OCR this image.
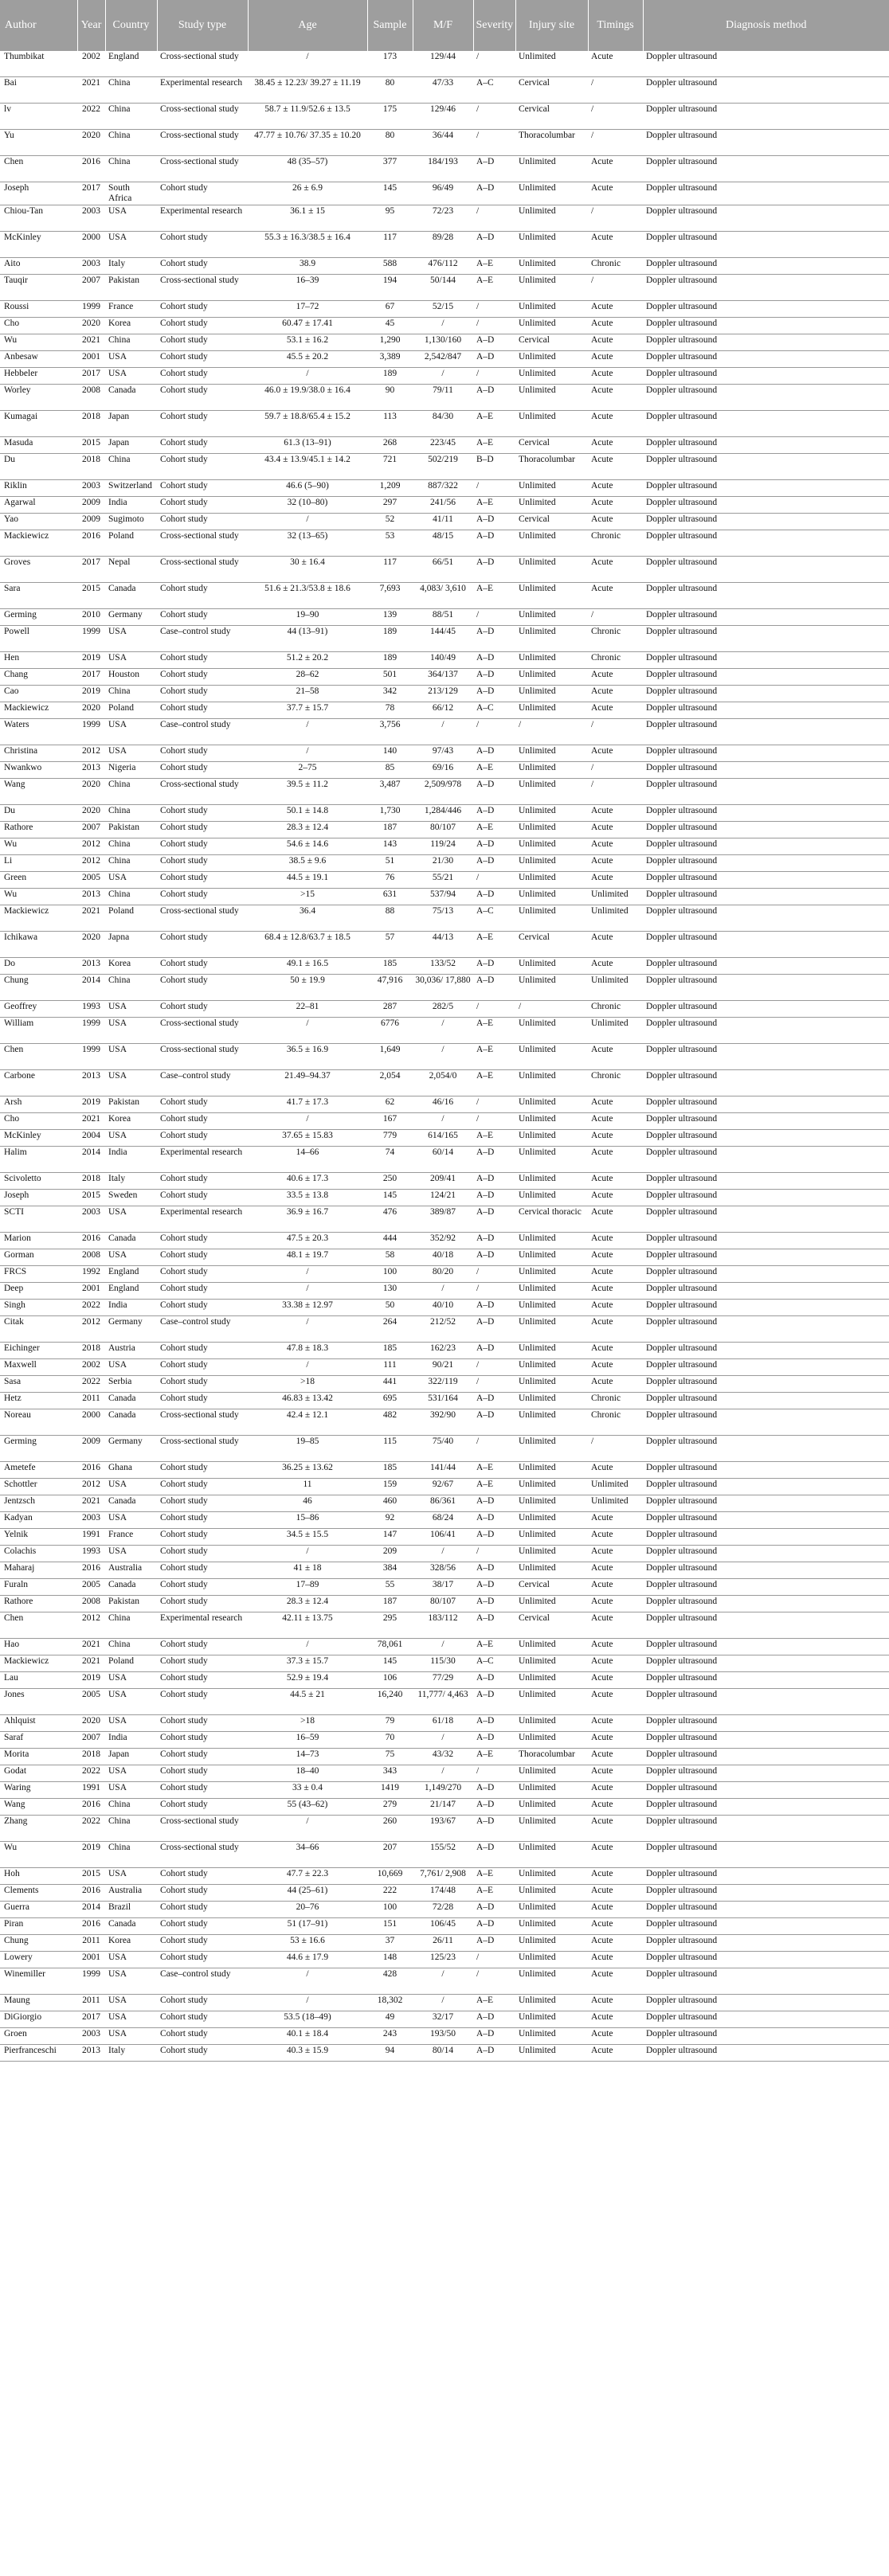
Author	Year	Country	Study type	Age	Sample	M/F	Severity	Injury site	Timings	Diagnosis method
Thumbikat	2002	England	Cross-sectional study	/	173	129/44	/	Unlimited	Acute	Doppler ultrasound
Bai	2021	China	Experimental research	38.45 ± 12.23/ 39.27 ± 11.19	80	47/33	A–C	Cervical	/	Doppler ultrasound
lv	2022	China	Cross-sectional study	58.7 ± 11.9/52.6 ± 13.5	175	129/46	/	Cervical	/	Doppler ultrasound
Yu	2020	China	Cross-sectional study	47.77 ± 10.76/ 37.35 ± 10.20	80	36/44	/	Thoracolumbar	/	Doppler ultrasound
Chen	2016	China	Cross-sectional study	48 (35–57)	377	184/193	A–D	Unlimited	Acute	Doppler ultrasound
Joseph	2017	South Africa	Cohort study	26 ± 6.9	145	96/49	A–D	Unlimited	Acute	Doppler ultrasound
Chiou-Tan	2003	USA	Experimental research	36.1 ± 15	95	72/23	/	Unlimited	/	Doppler ultrasound
McKinley	2000	USA	Cohort study	55.3 ± 16.3/38.5 ± 16.4	117	89/28	A–D	Unlimited	Acute	Doppler ultrasound
Aito	2003	Italy	Cohort study	38.9	588	476/112	A–E	Unlimited	Chronic	Doppler ultrasound
Tauqir	2007	Pakistan	Cross-sectional study	16–39	194	50/144	A–E	Unlimited	/	Doppler ultrasound
Roussi	1999	France	Cohort study	17–72	67	52/15	/	Unlimited	Acute	Doppler ultrasound
Cho	2020	Korea	Cohort study	60.47 ± 17.41	45	/	/	Unlimited	Acute	Doppler ultrasound
Wu	2021	China	Cohort study	53.1 ± 16.2	1,290	1,130/160	A–D	Cervical	Acute	Doppler ultrasound
Anbesaw	2001	USA	Cohort study	45.5 ± 20.2	3,389	2,542/847	A–D	Unlimited	Acute	Doppler ultrasound
Hebbeler	2017	USA	Cohort study	/	189	/	/	Unlimited	Acute	Doppler ultrasound
Worley	2008	Canada	Cohort study	46.0 ± 19.9/38.0 ± 16.4	90	79/11	A–D	Unlimited	Acute	Doppler ultrasound
Kumagai	2018	Japan	Cohort study	59.7 ± 18.8/65.4 ± 15.2	113	84/30	A–E	Unlimited	Acute	Doppler ultrasound
Masuda	2015	Japan	Cohort study	61.3 (13–91)	268	223/45	A–E	Cervical	Acute	Doppler ultrasound
Du	2018	China	Cohort study	43.4 ± 13.9/45.1 ± 14.2	721	502/219	B–D	Thoracolumbar	Acute	Doppler ultrasound
Riklin	2003	Switzerland	Cohort study	46.6 (5–90)	1,209	887/322	/	Unlimited	Acute	Doppler ultrasound
Agarwal	2009	India	Cohort study	32 (10–80)	297	241/56	A–E	Unlimited	Acute	Doppler ultrasound
Yao	2009	Sugimoto	Cohort study	/	52	41/11	A–D	Cervical	Acute	Doppler ultrasound
Mackiewicz	2016	Poland	Cross-sectional study	32 (13–65)	53	48/15	A–D	Unlimited	Chronic	Doppler ultrasound
Groves	2017	Nepal	Cross-sectional study	30 ± 16.4	117	66/51	A–D	Unlimited	Acute	Doppler ultrasound
Sara	2015	Canada	Cohort study	51.6 ± 21.3/53.8 ± 18.6	7,693	4,083/ 3,610	A–E	Unlimited	Acute	Doppler ultrasound
Germing	2010	Germany	Cohort study	19–90	139	88/51	/	Unlimited	/	Doppler ultrasound
Powell	1999	USA	Case–control study	44 (13–91)	189	144/45	A–D	Unlimited	Chronic	Doppler ultrasound
Hen	2019	USA	Cohort study	51.2 ± 20.2	189	140/49	A–D	Unlimited	Chronic	Doppler ultrasound
Chang	2017	Houston	Cohort study	28–62	501	364/137	A–D	Unlimited	Acute	Doppler ultrasound
Cao	2019	China	Cohort study	21–58	342	213/129	A–D	Unlimited	Acute	Doppler ultrasound
Mackiewicz	2020	Poland	Cohort study	37.7 ± 15.7	78	66/12	A–C	Unlimited	Acute	Doppler ultrasound
Waters	1999	USA	Case–control study	/	3,756	/	/	/	/	Doppler ultrasound
Christina	2012	USA	Cohort study	/	140	97/43	A–D	Unlimited	Acute	Doppler ultrasound
Nwankwo	2013	Nigeria	Cohort study	2–75	85	69/16	A–E	Unlimited	/	Doppler ultrasound
Wang	2020	China	Cross-sectional study	39.5 ± 11.2	3,487	2,509/978	A–D	Unlimited	/	Doppler ultrasound
Du	2020	China	Cohort study	50.1 ± 14.8	1,730	1,284/446	A–D	Unlimited	Acute	Doppler ultrasound
Rathore	2007	Pakistan	Cohort study	28.3 ± 12.4	187	80/107	A–E	Unlimited	Acute	Doppler ultrasound
Wu	2012	China	Cohort study	54.6 ± 14.6	143	119/24	A–D	Unlimited	Acute	Doppler ultrasound
Li	2012	China	Cohort study	38.5 ± 9.6	51	21/30	A–D	Unlimited	Acute	Doppler ultrasound
Green	2005	USA	Cohort study	44.5 ± 19.1	76	55/21	/	Unlimited	Acute	Doppler ultrasound
Wu	2013	China	Cohort study	>15	631	537/94	A–D	Unlimited	Unlimited	Doppler ultrasound
Mackiewicz	2021	Poland	Cross-sectional study	36.4	88	75/13	A–C	Unlimited	Unlimited	Doppler ultrasound
Ichikawa	2020	Japna	Cohort study	68.4 ± 12.8/63.7 ± 18.5	57	44/13	A–E	Cervical	Acute	Doppler ultrasound
Do	2013	Korea	Cohort study	49.1 ± 16.5	185	133/52	A–D	Unlimited	Acute	Doppler ultrasound
Chung	2014	China	Cohort study	50 ± 19.9	47,916	30,036/ 17,880	A–D	Unlimited	Unlimited	Doppler ultrasound
Geoffrey	1993	USA	Cohort study	22–81	287	282/5	/	/	Chronic	Doppler ultrasound
William	1999	USA	Cross-sectional study	/	6776	/	A–E	Unlimited	Unlimited	Doppler ultrasound
Chen	1999	USA	Cross-sectional study	36.5 ± 16.9	1,649	/	A–E	Unlimited	Acute	Doppler ultrasound
Carbone	2013	USA	Case–control study	21.49–94.37	2,054	2,054/0	A–E	Unlimited	Chronic	Doppler ultrasound
Arsh	2019	Pakistan	Cohort study	41.7 ± 17.3	62	46/16	/	Unlimited	Acute	Doppler ultrasound
Cho	2021	Korea	Cohort study	/	167	/	/	Unlimited	Acute	Doppler ultrasound
McKinley	2004	USA	Cohort study	37.65 ± 15.83	779	614/165	A–E	Unlimited	Acute	Doppler ultrasound
Halim	2014	India	Experimental research	14–66	74	60/14	A–D	Unlimited	Acute	Doppler ultrasound
Scivoletto	2018	Italy	Cohort study	40.6 ± 17.3	250	209/41	A–D	Unlimited	Acute	Doppler ultrasound
Joseph	2015	Sweden	Cohort study	33.5 ± 13.8	145	124/21	A–D	Unlimited	Acute	Doppler ultrasound
SCTI	2003	USA	Experimental research	36.9 ± 16.7	476	389/87	A–D	Cervical thoracic	Acute	Doppler ultrasound
Marion	2016	Canada	Cohort study	47.5 ± 20.3	444	352/92	A–D	Unlimited	Acute	Doppler ultrasound
Gorman	2008	USA	Cohort study	48.1 ± 19.7	58	40/18	A–D	Unlimited	Acute	Doppler ultrasound
FRCS	1992	England	Cohort study	/	100	80/20	/	Unlimited	Acute	Doppler ultrasound
Deep	2001	England	Cohort study	/	130	/	/	Unlimited	Acute	Doppler ultrasound
Singh	2022	India	Cohort study	33.38 ± 12.97	50	40/10	A–D	Unlimited	Acute	Doppler ultrasound
Citak	2012	Germany	Case–control study	/	264	212/52	A–D	Unlimited	Acute	Doppler ultrasound
Eichinger	2018	Austria	Cohort study	47.8 ± 18.3	185	162/23	A–D	Unlimited	Acute	Doppler ultrasound
Maxwell	2002	USA	Cohort study	/	111	90/21	/	Unlimited	Acute	Doppler ultrasound
Sasa	2022	Serbia	Cohort study	>18	441	322/119	/	Unlimited	Acute	Doppler ultrasound
Hetz	2011	Canada	Cohort study	46.83 ± 13.42	695	531/164	A–D	Unlimited	Chronic	Doppler ultrasound
Noreau	2000	Canada	Cross-sectional study	42.4 ± 12.1	482	392/90	A–D	Unlimited	Chronic	Doppler ultrasound
Germing	2009	Germany	Cross-sectional study	19–85	115	75/40	/	Unlimited	/	Doppler ultrasound
Ametefe	2016	Ghana	Cohort study	36.25 ± 13.62	185	141/44	A–E	Unlimited	Acute	Doppler ultrasound
Schottler	2012	USA	Cohort study	11	159	92/67	A–E	Unlimited	Unlimited	Doppler ultrasound
Jentzsch	2021	Canada	Cohort study	46	460	86/361	A–D	Unlimited	Unlimited	Doppler ultrasound
Kadyan	2003	USA	Cohort study	15–86	92	68/24	A–D	Unlimited	Acute	Doppler ultrasound
Yelnik	1991	France	Cohort study	34.5 ± 15.5	147	106/41	A–D	Unlimited	Acute	Doppler ultrasound
Colachis	1993	USA	Cohort study	/	209	/	/	Unlimited	Acute	Doppler ultrasound
Maharaj	2016	Australia	Cohort study	41 ± 18	384	328/56	A–D	Unlimited	Acute	Doppler ultrasound
Furaln	2005	Canada	Cohort study	17–89	55	38/17	A–D	Cervical	Acute	Doppler ultrasound
Rathore	2008	Pakistan	Cohort study	28.3 ± 12.4	187	80/107	A–D	Unlimited	Acute	Doppler ultrasound
Chen	2012	China	Experimental research	42.11 ± 13.75	295	183/112	A–D	Cervical	Acute	Doppler ultrasound
Hao	2021	China	Cohort study	/	78,061	/	A–E	Unlimited	Acute	Doppler ultrasound
Mackiewicz	2021	Poland	Cohort study	37.3 ± 15.7	145	115/30	A–C	Unlimited	Acute	Doppler ultrasound
Lau	2019	USA	Cohort study	52.9 ± 19.4	106	77/29	A–D	Unlimited	Acute	Doppler ultrasound
Jones	2005	USA	Cohort study	44.5 ± 21	16,240	11,777/ 4,463	A–D	Unlimited	Acute	Doppler ultrasound
Ahlquist	2020	USA	Cohort study	>18	79	61/18	A–D	Unlimited	Acute	Doppler ultrasound
Saraf	2007	India	Cohort study	16–59	70	/	A–D	Unlimited	Acute	Doppler ultrasound
Morita	2018	Japan	Cohort study	14–73	75	43/32	A–E	Thoracolumbar	Acute	Doppler ultrasound
Godat	2022	USA	Cohort study	18–40	343	/	/	Unlimited	Acute	Doppler ultrasound
Waring	1991	USA	Cohort study	33 ± 0.4	1419	1,149/270	A–D	Unlimited	Acute	Doppler ultrasound
Wang	2016	China	Cohort study	55 (43–62)	279	21/147	A–D	Unlimited	Acute	Doppler ultrasound
Zhang	2022	China	Cross-sectional study	/	260	193/67	A–D	Unlimited	Acute	Doppler ultrasound
Wu	2019	China	Cross-sectional study	34–66	207	155/52	A–D	Unlimited	Acute	Doppler ultrasound
Hoh	2015	USA	Cohort study	47.7 ± 22.3	10,669	7,761/ 2,908	A–E	Unlimited	Acute	Doppler ultrasound
Clements	2016	Australia	Cohort study	44 (25–61)	222	174/48	A–E	Unlimited	Acute	Doppler ultrasound
Guerra	2014	Brazil	Cohort study	20–76	100	72/28	A–D	Unlimited	Acute	Doppler ultrasound
Piran	2016	Canada	Cohort study	51 (17–91)	151	106/45	A–D	Unlimited	Acute	Doppler ultrasound
Chung	2011	Korea	Cohort study	53 ± 16.6	37	26/11	A–D	Unlimited	Acute	Doppler ultrasound
Lowery	2001	USA	Cohort study	44.6 ± 17.9	148	125/23	/	Unlimited	Acute	Doppler ultrasound
Winemiller	1999	USA	Case–control study	/	428	/	/	Unlimited	Acute	Doppler ultrasound
Maung	2011	USA	Cohort study	/	18,302	/	A–E	Unlimited	Acute	Doppler ultrasound
DiGiorgio	2017	USA	Cohort study	53.5 (18–49)	49	32/17	A–D	Unlimited	Acute	Doppler ultrasound
Groen	2003	USA	Cohort study	40.1 ± 18.4	243	193/50	A–D	Unlimited	Acute	Doppler ultrasound
Pierfranceschi	2013	Italy	Cohort study	40.3 ± 15.9	94	80/14	A–D	Unlimited	Acute	Doppler ultrasound
